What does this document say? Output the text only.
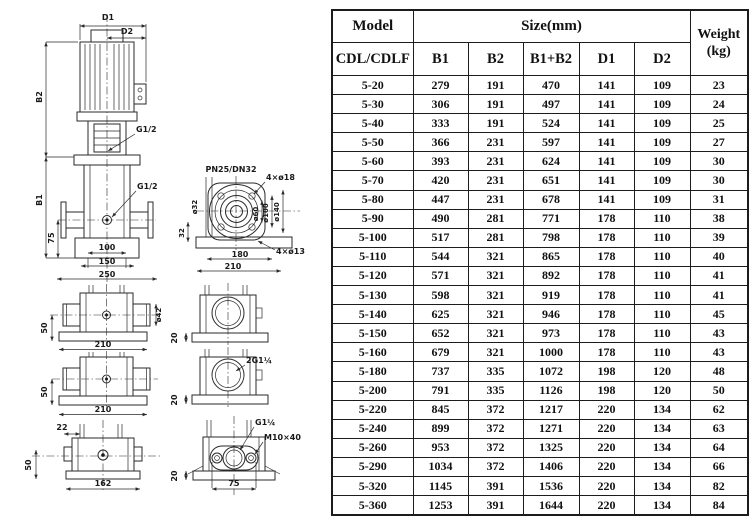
D1
D2
G1/2
G1/2
100
150
250
B2
B1
75
PN25/DN32
4×ø18
ø32	ø60 ø100 ø140
32
180
210
4×ø13
50
210
ø42
50
210
22
50
162
20
2G1¼
20
G1¼
M10×40
20
75
Model	Size(mm)					Weight
(kg)
CDL/CDLF	B1	B2	B1+B2	D1	D2	
5-20	279	191	470	141	109	23
5-30	306	191	497	141	109	24
5-40	333	191	524	141	109	25
5-50	366	231	597	141	109	27
5-60	393	231	624	141	109	30
5-70	420	231	651	141	109	30
5-80	447	231	678	141	109	31
5-90	490	281	771	178	110	38
5-100	517	281	798	178	110	39
5-110	544	321	865	178	110	40
5-120	571	321	892	178	110	41
5-130	598	321	919	178	110	41
5-140	625	321	946	178	110	45
5-150	652	321	973	178	110	43
5-160	679	321	1000	178	110	43
5-180	737	335	1072	198	120	48
5-200	791	335	1126	198	120	50
5-220	845	372	1217	220	134	62
5-240	899	372	1271	220	134	63
5-260	953	372	1325	220	134	64
5-290	1034	372	1406	220	134	66
5-320	1145	391	1536	220	134	82
5-360	1253	391	1644	220	134	84
